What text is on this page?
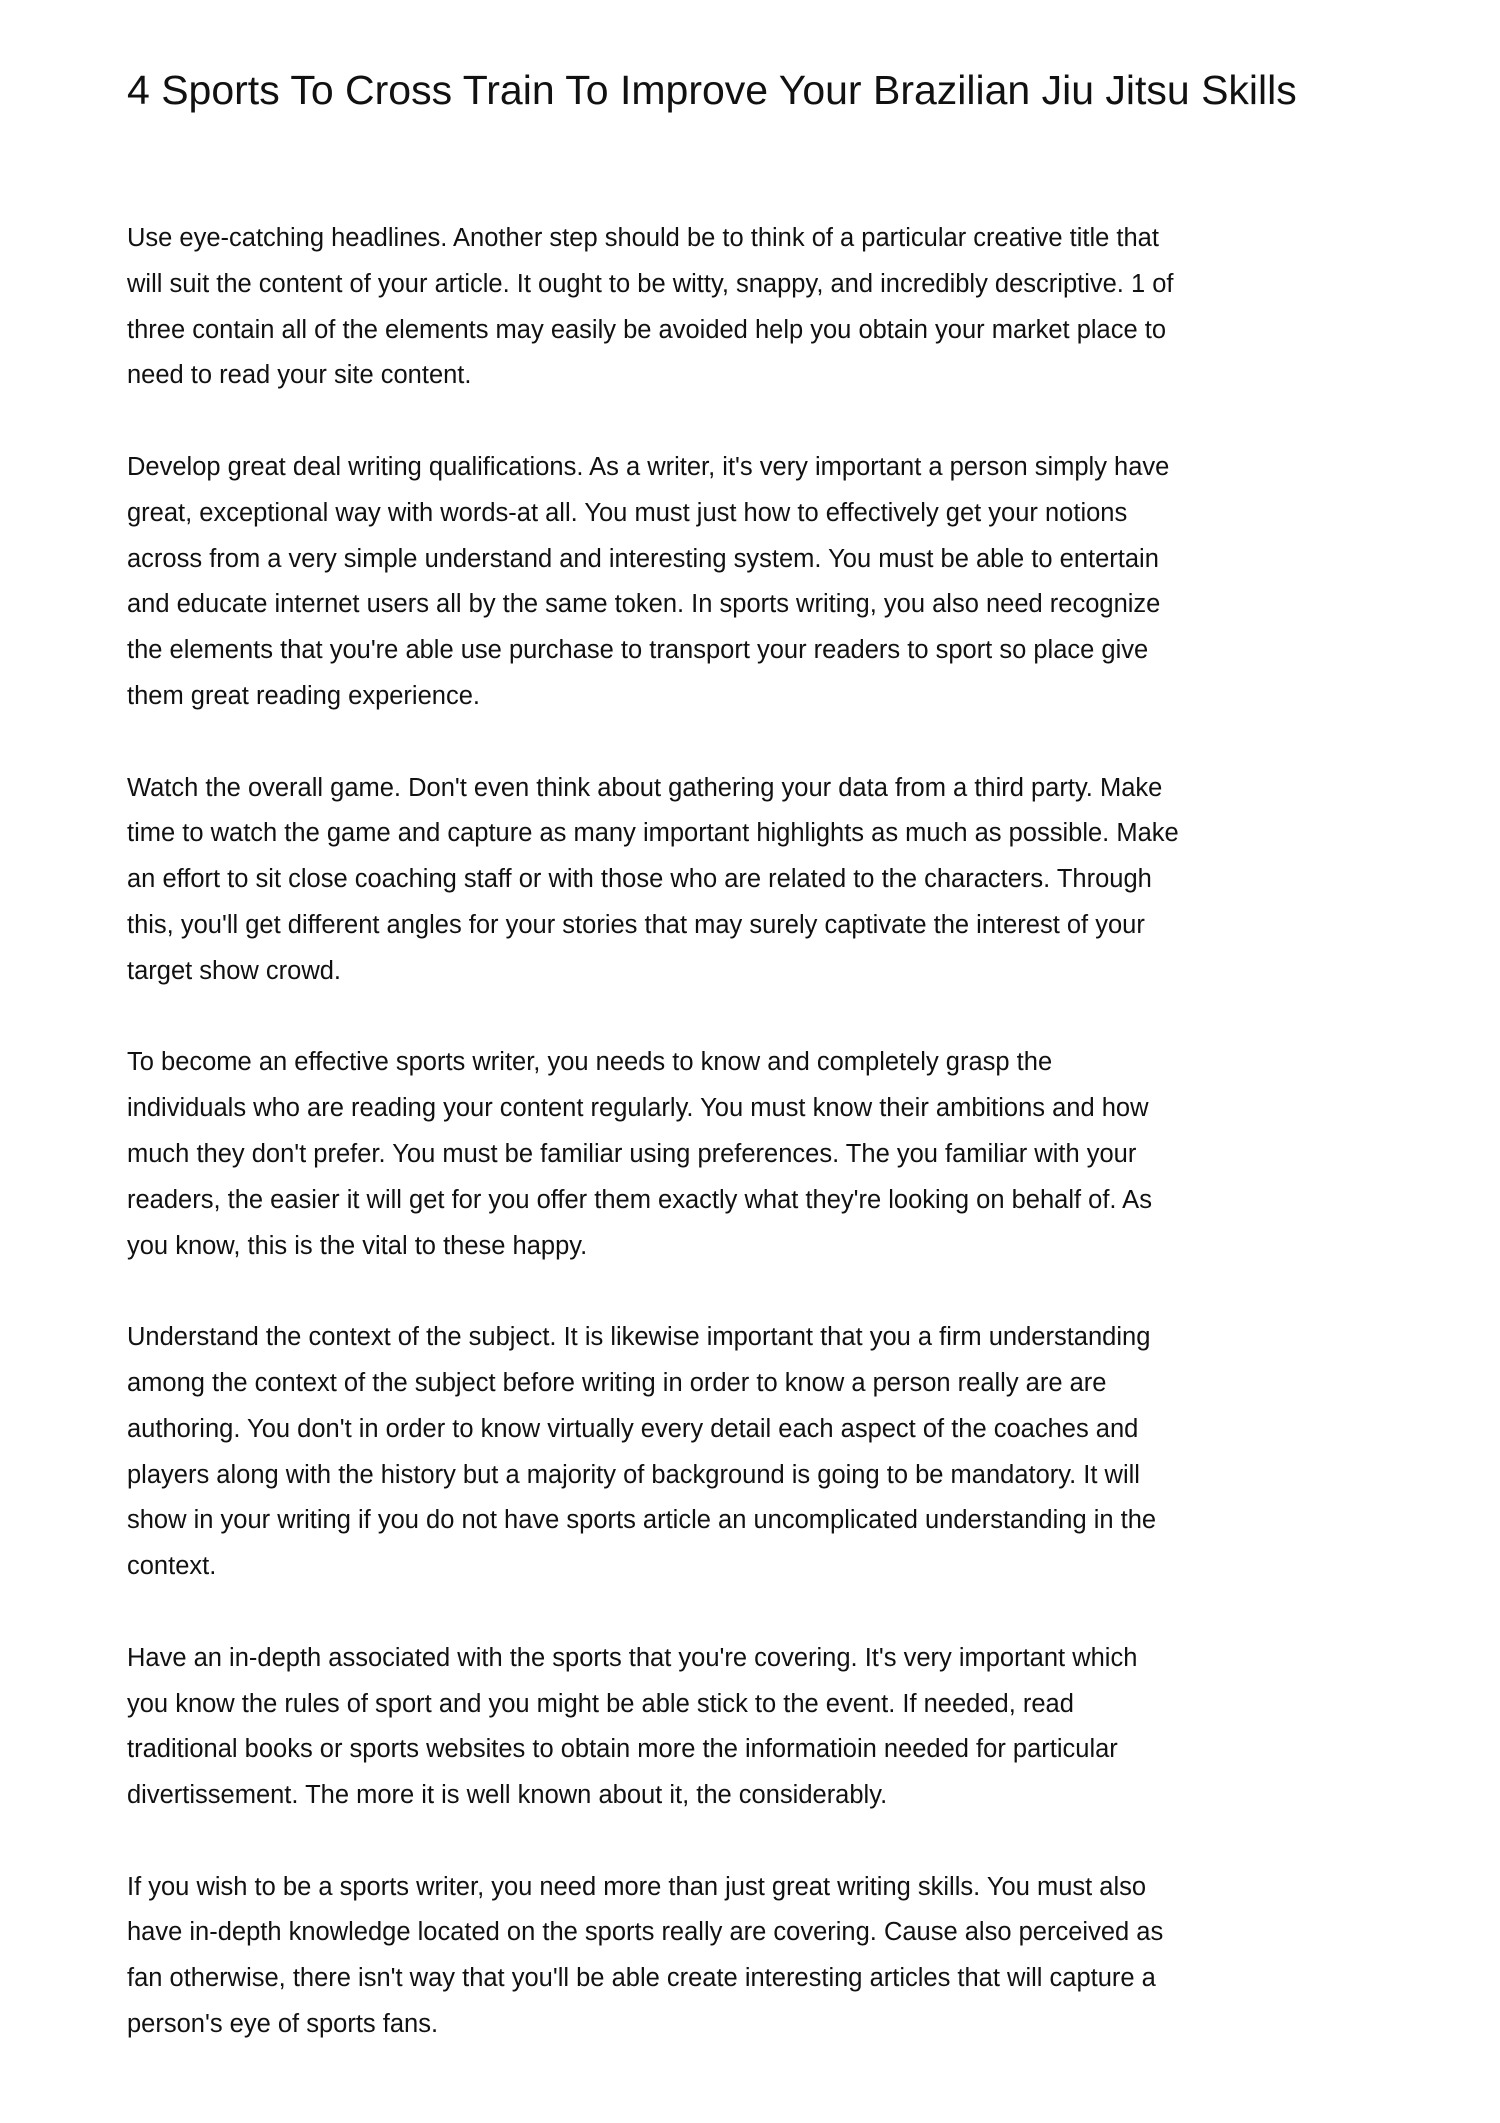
4 Sports To Cross Train To Improve Your Brazilian Jiu Jitsu Skills

Use eye-catching headlines. Another step should be to think of a particular creative title that
will suit the content of your article. It ought to be witty, snappy, and incredibly descriptive. 1 of
three contain all of the elements may easily be avoided help you obtain your market place to
need to read your site content.

Develop great deal writing qualifications. As a writer, it's very important a person simply have
great, exceptional way with words-at all. You must just how to effectively get your notions
across from a very simple understand and interesting system. You must be able to entertain
and educate internet users all by the same token. In sports writing, you also need recognize
the elements that you're able use purchase to transport your readers to sport so place give
them great reading experience.

Watch the overall game. Don't even think about gathering your data from a third party. Make
time to watch the game and capture as many important highlights as much as possible. Make
an effort to sit close coaching staff or with those who are related to the characters. Through
this, you'll get different angles for your stories that may surely captivate the interest of your
target show crowd.

To become an effective sports writer, you needs to know and completely grasp the
individuals who are reading your content regularly. You must know their ambitions and how
much they don't prefer. You must be familiar using preferences. The you familiar with your
readers, the easier it will get for you offer them exactly what they're looking on behalf of. As
you know, this is the vital to these happy.

Understand the context of the subject. It is likewise important that you a firm understanding
among the context of the subject before writing in order to know a person really are are
authoring. You don't in order to know virtually every detail each aspect of the coaches and
players along with the history but a majority of background is going to be mandatory. It will
show in your writing if you do not have sports article an uncomplicated understanding in the
context.

Have an in-depth associated with the sports that you're covering. It's very important which
you know the rules of sport and you might be able stick to the event. If needed, read
traditional books or sports websites to obtain more the informatioin needed for particular
divertissement. The more it is well known about it, the considerably.

If you wish to be a sports writer, you need more than just great writing skills. You must also
have in-depth knowledge located on the sports really are covering. Cause also perceived as
fan otherwise, there isn't way that you'll be able create interesting articles that will capture a
person's eye of sports fans.
